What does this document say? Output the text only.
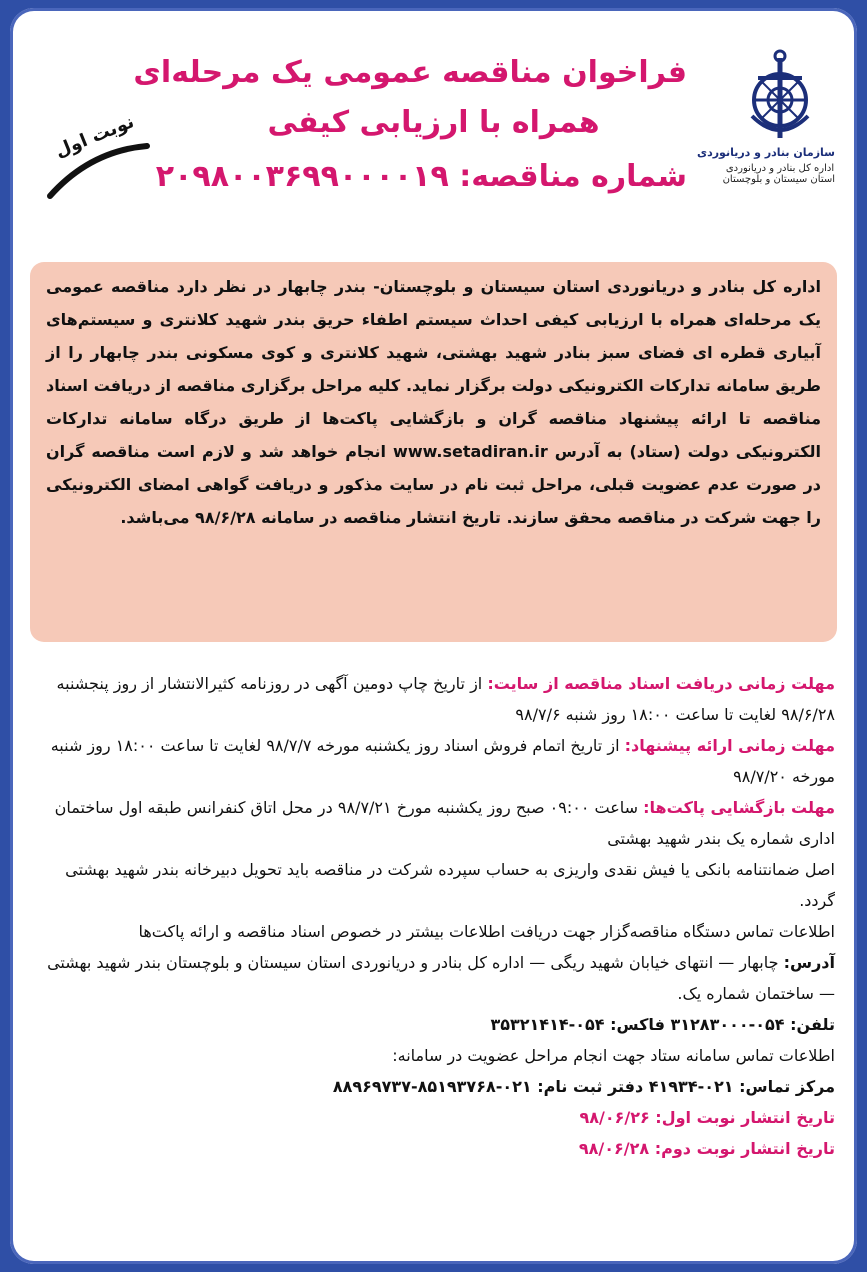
سازمان بنادر و دریانوردی
اداره کل بنادر و دریانوردی
استان سیستان و بلوچستان
فراخوان مناقصه عمومی یک مرحله‌ای
همراه با ارزیابی کیفی
شماره مناقصه: ۲۰۹۸۰۰۳۶۹۹۰۰۰۰۱۹
نوبت اول
اداره کل بنادر و دریانوردی استان سیستان و بلوچستان- بندر چابهار در نظر دارد مناقصه عمومی یک مرحله‌ای همراه با ارزیابی کیفی احداث سیستم اطفاء حریق بندر شهید کلانتری و سیستم‌های آبیاری قطره ای فضای سبز بنادر شهید بهشتی، شهید کلانتری و کوی مسکونی بندر چابهار را از طریق سامانه تدارکات الکترونیکی دولت برگزار نماید. کلیه مراحل برگزاری مناقصه از دریافت اسناد مناقصه تا ارائه پیشنهاد مناقصه گران و بازگشایی پاکت‌ها از طریق درگاه سامانه تدارکات الکترونیکی دولت (ستاد) به آدرس www.setadiran.ir انجام خواهد شد و لازم است مناقصه گران در صورت عدم عضویت قبلی، مراحل ثبت نام در سایت مذکور و دریافت گواهی امضای الکترونیکی را جهت شرکت در مناقصه محقق سازند. تاریخ انتشار مناقصه در سامانه ۹۸/۶/۲۸ می‌باشد.

مهلت زمانی دریافت اسناد مناقصه از سایت: از تاریخ چاپ دومین آگهی در روزنامه کثیرالانتشار از روز پنجشنبه ۹۸/۶/۲۸ لغایت تا ساعت ۱۸:۰۰ روز شنبه ۹۸/۷/۶

مهلت زمانی ارائه پیشنهاد: از تاریخ اتمام فروش اسناد روز یکشنبه مورخه ۹۸/۷/۷ لغایت تا ساعت ۱۸:۰۰ روز شنبه مورخه ۹۸/۷/۲۰

مهلت بازگشایی پاکت‌ها: ساعت ۰۹:۰۰ صبح روز یکشنبه مورخ ۹۸/۷/۲۱ در محل اتاق کنفرانس طبقه اول ساختمان اداری شماره یک بندر شهید بهشتی

اصل ضمانتنامه بانکی یا فیش نقدی واریزی به حساب سپرده شرکت در مناقصه باید تحویل دبیرخانه بندر شهید بهشتی گردد.

اطلاعات تماس دستگاه مناقصه‌گزار جهت دریافت اطلاعات بیشتر در خصوص اسناد مناقصه و ارائه پاکت‌ها

آدرس: چابهار — انتهای خیابان شهید ریگی — اداره کل بنادر و دریانوردی استان سیستان و بلوچستان بندر شهید بهشتی — ساختمان شماره یک.

تلفن: ۰۵۴-۳۱۲۸۳۰۰۰ فاکس: ۰۵۴-۳۵۳۲۱۴۱۴

اطلاعات تماس سامانه ستاد جهت انجام مراحل عضویت در سامانه:

مرکز تماس: ۰۲۱-۴۱۹۳۴ دفتر ثبت نام: ۰۲۱-۸۵۱۹۳۷۶۸-۸۸۹۶۹۷۳۷

تاریخ انتشار نوبت اول: ۹۸/۰۶/۲۶

تاریخ انتشار نوبت دوم: ۹۸/۰۶/۲۸
